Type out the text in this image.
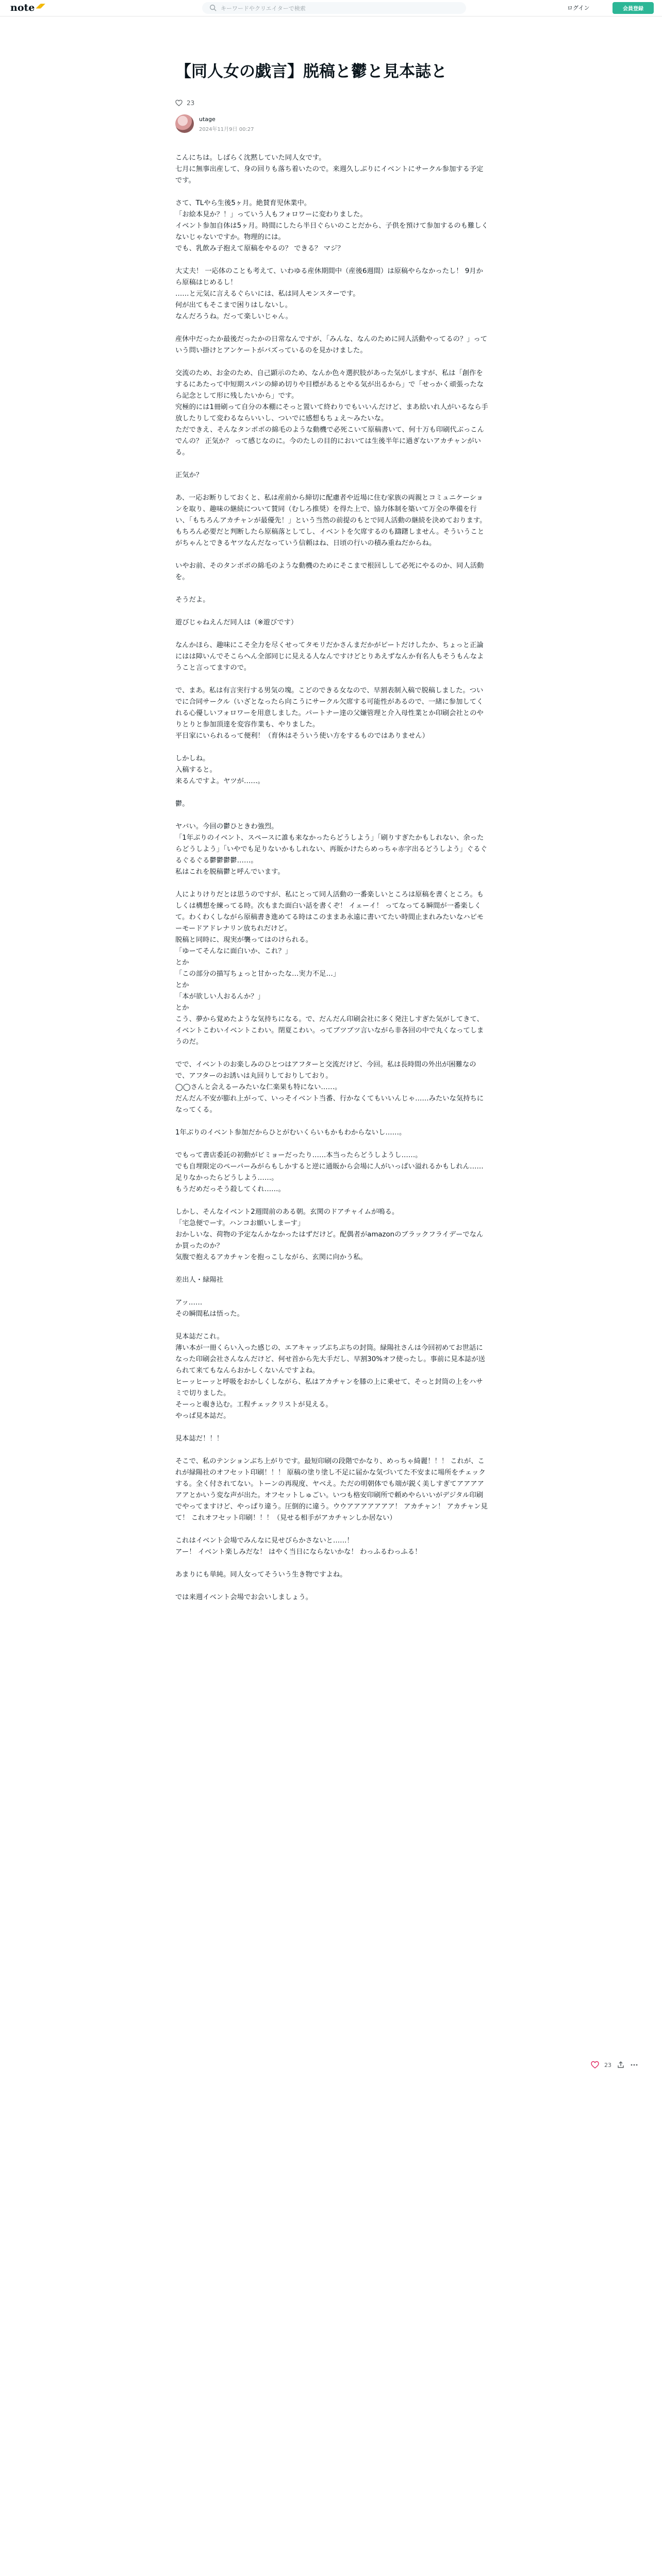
note ◢◤	キーワードやクリエイターで検索	ログイン	会員登録
【同人女の戯言】脱稿と鬱と見本誌と
23
utage
2024年11月9日 00:27

こんにちは。しばらく沈黙していた同人女です。
七月に無事出産して、身の回りも落ち着いたので。来週久しぶりにイベントにサークル参加する予定です。

さて、TLやら生後5ヶ月。絶賛育児休業中。
「お絵本見か？！」っていう人もフォロワーに変わりました。
イベント参加自体は5ヶ月。時間にしたら半日ぐらいのことだから、子供を預けて参加するのも難しくないじゃないですか。物理的には。
でも、乳飲み子抱えて原稿をやるの？ できる？ マジ？

大丈夫！ 一応体のことも考えて、いわゆる産休期間中（産後6週間）は原稿やらなかったし！ 9月から原稿はじめるし！
……と元気に言えるぐらいには、私は同人モンスターです。
何が出てもそこまで困りはしないし。
なんだろうね。だって楽しいじゃん。

産休中だったか最後だったかの日常なんですが、「みんな、なんのために同人活動やってるの？」っていう問い掛けとアンケートがバズっているのを見かけました。

交流のため、お金のため、自己顕示のため、なんか色々選択肢があった気がしますが、私は「創作をするにあたって中短期スパンの締め切りや目標があるとやる気が出るから」で「せっかく頑張ったなら記念として形に残したいから」です。
究極的には1冊刷って自分の本棚にそっと置いて終わりでもいいんだけど、まあ絵いれ人がいるなら手放したりして変わるならいいし、ついでに感想もちょえ〜みたいな。
ただできえ、そんなタンポポの綿毛のような動機で必死こいて原稿書いて、何十万も印刷代ぶっこんでんの？ 正気か？ って感じなのに。今のたしの目的においては生後半年に過ぎないアカチャンがいる。

正気か？

あ、一応お断りしておくと、私は産前から締切に配慮者や近場に住む家族の両親とコミュニケーションを取り、趣味の継続について賛同（むしろ推奨）を得た上で、協力体制を築いて万全の準備を行い、「もちろんアカチャンが最優先！」という当然の前提のもとで同人活動の継続を決めております。
もちろん必要だと判断したら原稿落としてし、イベントを欠席するのも躊躇しません。そういうことがちゃんとできるヤツなんだなっていう信頼はね、日頃の行いの積み重ねだからね。

いやお前、そのタンポポの綿毛のような動機のためにそこまで根回しして必死にやるのか、同人活動を。

そうだよ。

遊びじゃねえんだ同人は（※遊びです）

なんかほら、趣味にこそ全力を尽くせってタモリだかさんまだかがピートだけしたか、ちょっと正論にはは障いんでそこらへん全部同じに見える人なんですけどとりあえずなんか有名人もそうもんなようこと言ってますので。

で、まあ。私は有言実行する男気の塊。こどのできる女なので、早割表制入稿で脱稿しました。ついでに合同サークル（いざとなったら向こうにサークル欠席する可能性があるので、一緒に参加してくれる心優しいフォロワーを用意しました。パートナー達の父嫌管理と介入母性業とか印刷会社とのやりとりと参加頂達を変容作業も、やりました。
平日家にいられるって便利！（育休はそういう使い方をするものではありません）

しかしね。
入稿すると。
来るんですよ。ヤツが……。

鬱。

ヤバい。今回の鬱ひときわ強烈。
「1年ぶりのイベント、スペースに誰も来なかったらどうしよう」「刷りすぎたかもしれない、余ったらどうしよう」「いやでも足りないかもしれない、再販かけたらめっちゃ赤字出るどうしよう」ぐるぐるぐるぐる鬱鬱鬱鬱……。
私はこれを脱稿鬱と呼んでいます。

人によりけりだとは思うのですが、私にとって同人活動の一番楽しいところは原稿を書くところ。もしくは構想を練ってる時。次もまた面白い話を書くぞ！ イェーイ！ ってなってる瞬間が一番楽しくて。わくわくしながら原稿書き進めてる時はこのままあ永遠に書いてたい時間止まれみたいなハピモーモードアドレナリン放ちれだけど。
脱稿と同時に、現実が襲ってはのけられる。
「ゆーてそんなに面白いか、これ？」
とか
「この部分の描写ちょっと甘かったな…実力不足…」
とか
「本が欲しい人おるんか？」
とか
こう、夢から覚めたような気持ちになる。で、だんだん印刷会社に多く発注しすぎた気がしてきて、イベントこわいイベントこわい。閉夏こわい。ってブツブツ言いながら非各回の中で丸くなってしまうのだ。

でで、イベントのお楽しみのひとつはアフターと交流だけど、今回。私は長時間の外出が困難なので、アフターのお誘いは丸回りしておりしており。
◯◯さんと会えるーみたいな仁楽果も特にない……。
だんだん不安が膨れ上がって、いっそイベント当番、行かなくてもいいんじゃ……みたいな気持ちになってくる。

1年ぶりのイベント参加だからひとがむいくらいもかもわからないし……。

でもって書店委託の初動がビミョーだったり……本当ったらどうしようし……。
でも自埋限定のペーパーみがらもしかすると逆に通販から会場に人がいっぱい溢れるかもしれん……足りなかったらどうしよう……。
もうだめだっそう殺してくれ……。

しかし、そんなイベント2週間前のある朝。玄関のドアチャイムが鳴る。
「宅急便でーす。ハンコお願いしまーす」
おかしいな、荷物の予定なんかなかったはずだけど。配偶者がamazonのブラックフライデーでなんか買ったのか？
気腹で抱えるアカチャンを抱っこしながら、玄関に向かう私。

差出人・緑陽社

アッ……
その瞬間私は悟った。

見本誌だこれ。
薄い本が一冊くらい入った感じの、エアキャップぷちぷちの封筒。緑陽社さんは今回初めてお世話になった印刷会社さんなんだけど、何せ首から先大手だし、早割30%オフ使ったし。事前に見本誌が送られて来てもなんらおかしくないんですよね。
ヒーッヒーッと呼吸をおかしくしながら、私はアカチャンを膝の上に乗せて、そっと封筒の上をハサミで切りました。
そーっと覗き込む。工程チェックリストが見える。
やっぱ見本誌だ。

見本誌だ！！！

そこで、私のテンションぶち上がりです。最短印刷の段階でかなり、めっちゃ綺麗！！！ これが、これが緑陽社のオフセット印刷！！！ 原稿の塗り塗し不足に届かな気づいてた不安まに場所をチェックする。全く付されてない。トーンの再現度、ヤベえ。ただの明朝体でも端が鋭く美しすぎてアアアアアアとかいう変な声が出た。オフセットしゅごい。いつも格安印刷所で頼めやらいいがデジタル印刷でやってますけど、やっぱり違う。圧倒的に違う。ウウアアアアアアア！ アカチャン！ アカチャン見て！ これオフセット印刷！！！（見せる相手がアカチャンしか居ない）

これはイベント会場でみんなに見せびらかさないと……！
アー！ イベント楽しみだな！ はやく当日にならないかな！ わっふるわっふる！

あまりにも単純。同人女ってそういう生き物ですよね。

では来週イベント会場でお会いしましょう。

23
